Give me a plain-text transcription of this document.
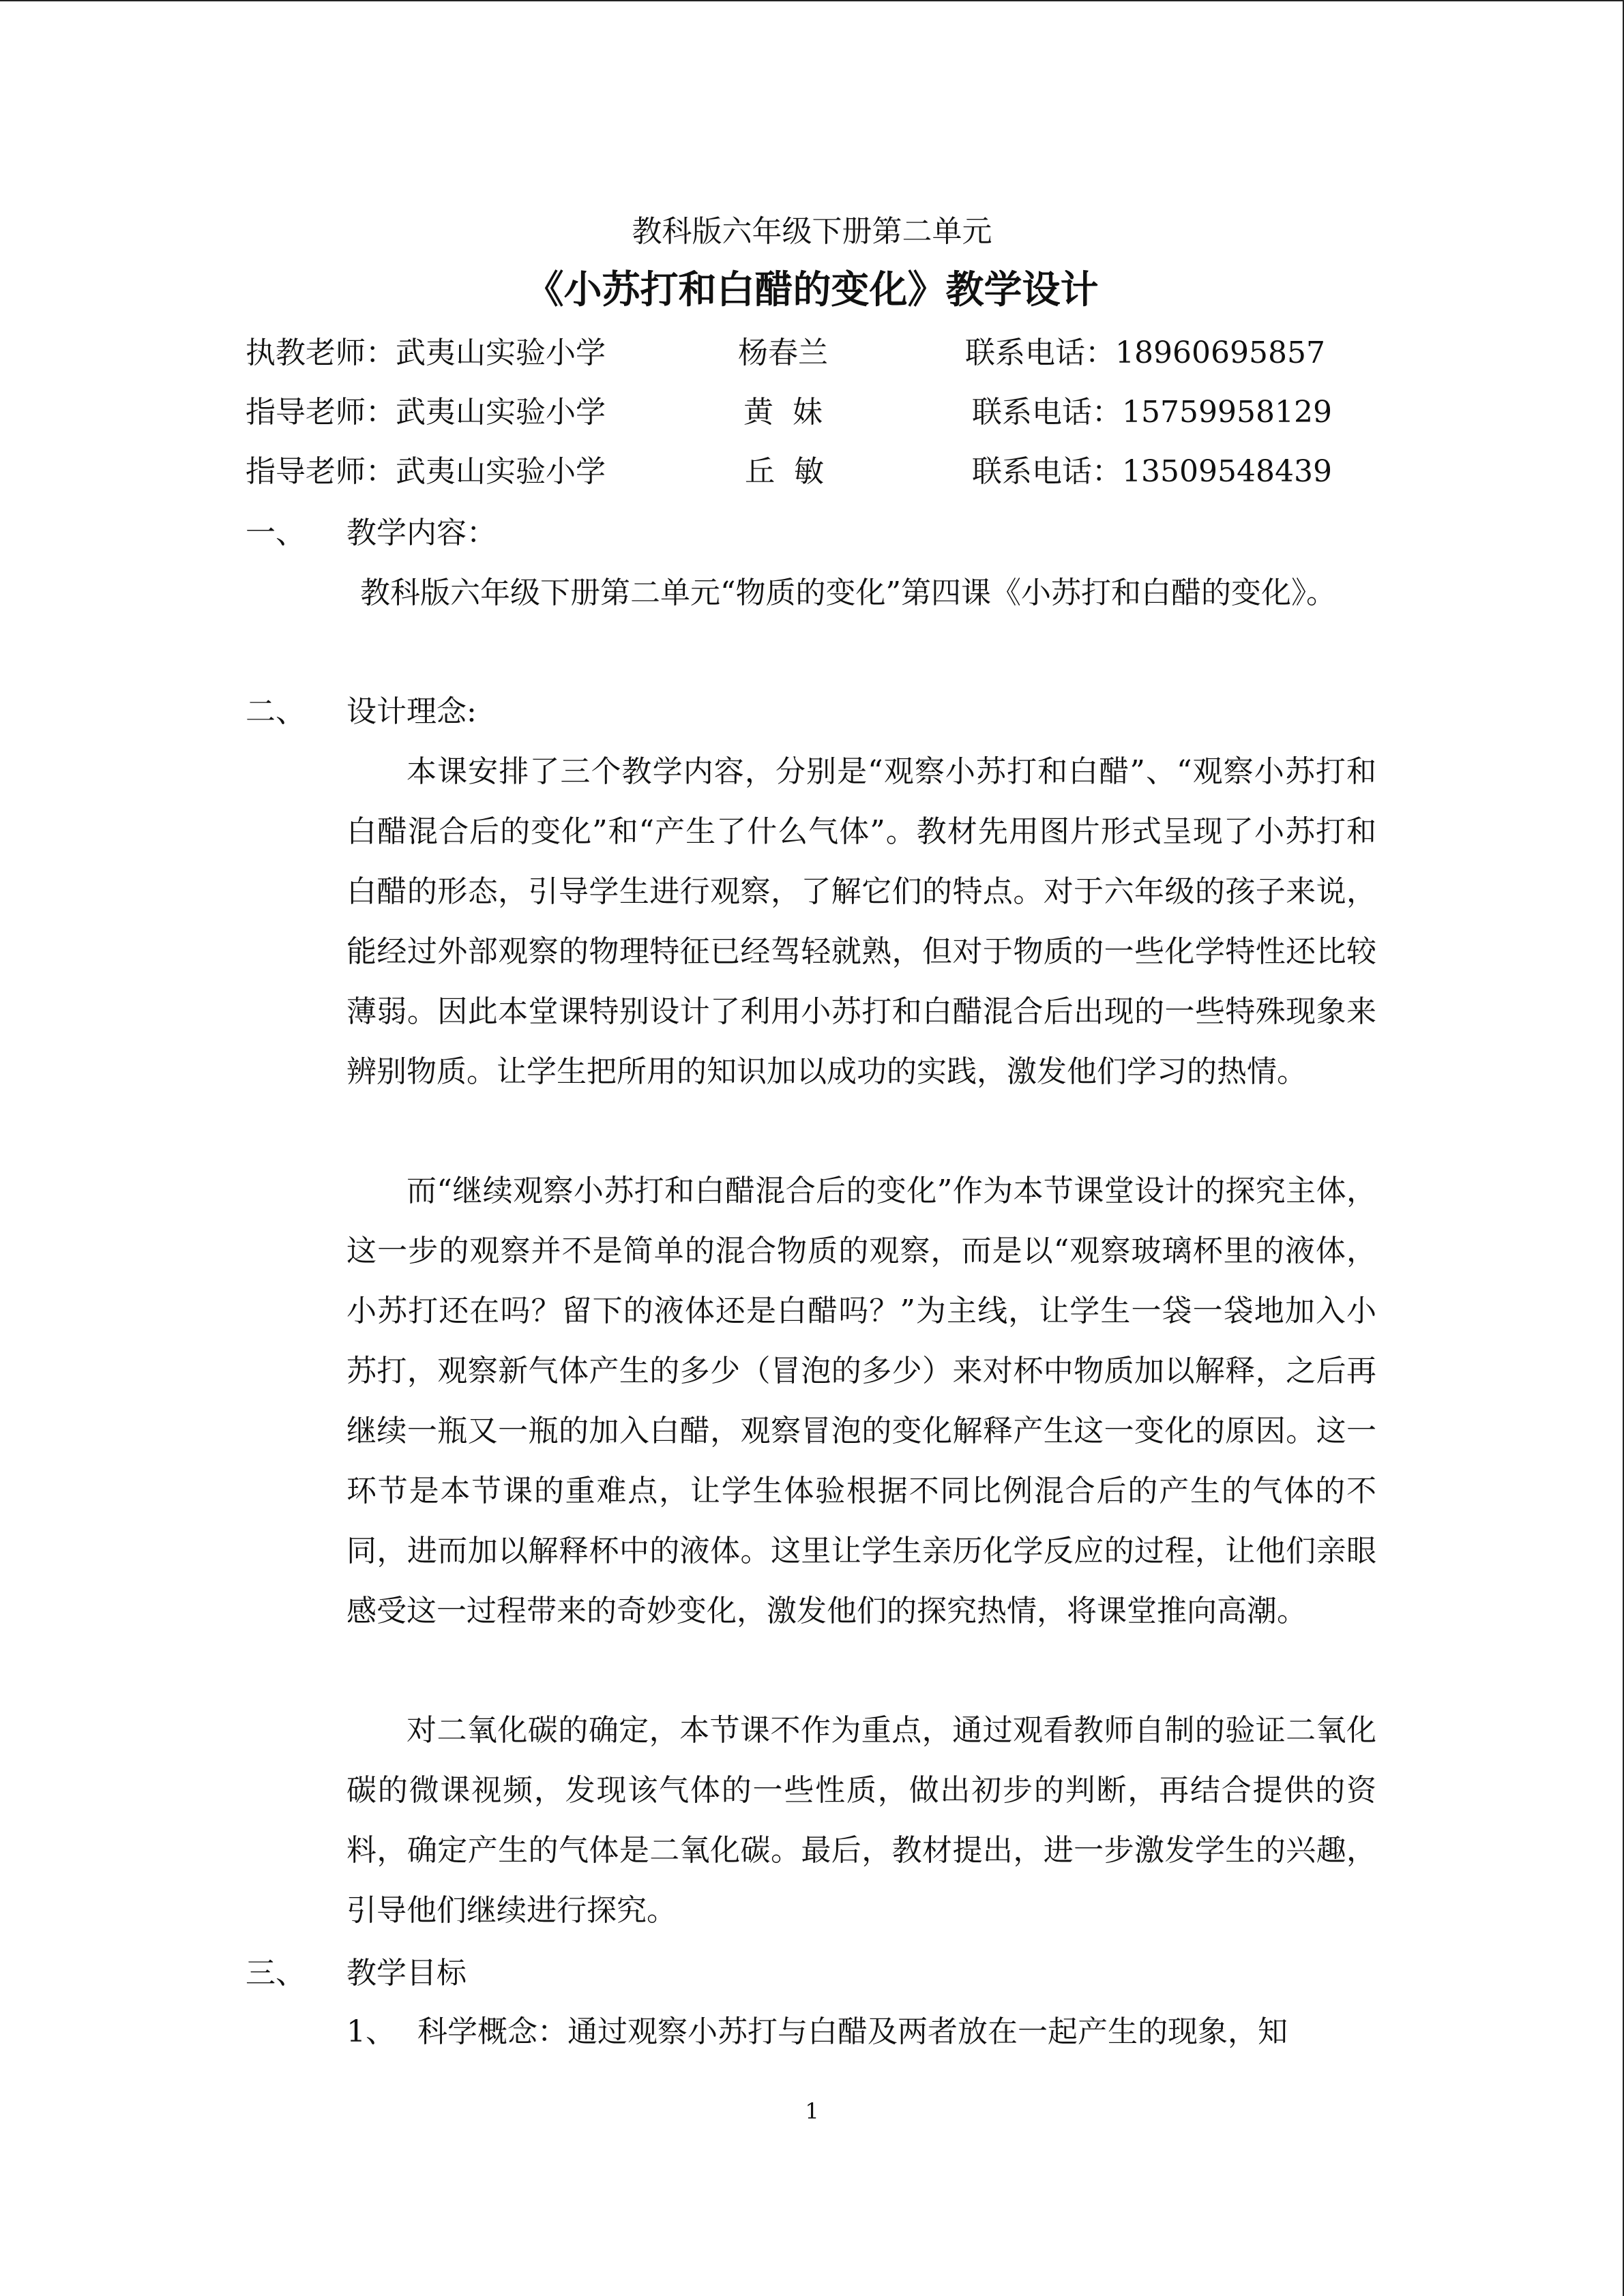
教科版六年级下册第二单元
《小苏打和白醋的变化》教学设计
执教老师：武夷山实验小学	杨春兰	联系电话：18960695857
指导老师：武夷山实验小学	黄  妹	联系电话：15759958129
指导老师：武夷山实验小学	丘  敏	联系电话：13509548439
一、 教学内容：
教科版六年级下册第二单元“物质的变化”第四课《小苏打和白醋的变化》。
二、 设计理念:
本课安排了三个教学内容，分别是“观察小苏打和白醋”、“观察小苏打和白醋混合后的变化”和“产生了什么气体”。教材先用图片形式呈现了小苏打和白醋的形态，引导学生进行观察，了解它们的特点。对于六年级的孩子来说，能经过外部观察的物理特征已经驾轻就熟，但对于物质的一些化学特性还比较薄弱。因此本堂课特别设计了利用小苏打和白醋混合后出现的一些特殊现象来辨别物质。让学生把所用的知识加以成功的实践，激发他们学习的热情。
而“继续观察小苏打和白醋混合后的变化”作为本节课堂设计的探究主体，这一步的观察并不是简单的混合物质的观察，而是以“观察玻璃杯里的液体，小苏打还在吗？留下的液体还是白醋吗？”为主线，让学生一袋一袋地加入小苏打，观察新气体产生的多少（冒泡的多少）来对杯中物质加以解释，之后再继续一瓶又一瓶的加入白醋，观察冒泡的变化解释产生这一变化的原因。这一环节是本节课的重难点，让学生体验根据不同比例混合后的产生的气体的不同，进而加以解释杯中的液体。这里让学生亲历化学反应的过程，让他们亲眼感受这一过程带来的奇妙变化，激发他们的探究热情，将课堂推向高潮。
对二氧化碳的确定，本节课不作为重点，通过观看教师自制的验证二氧化碳的微课视频，发现该气体的一些性质，做出初步的判断，再结合提供的资料，确定产生的气体是二氧化碳。最后，教材提出，进一步激发学生的兴趣，引导他们继续进行探究。
三、 教学目标
1、 科学概念：通过观察小苏打与白醋及两者放在一起产生的现象，知
1
